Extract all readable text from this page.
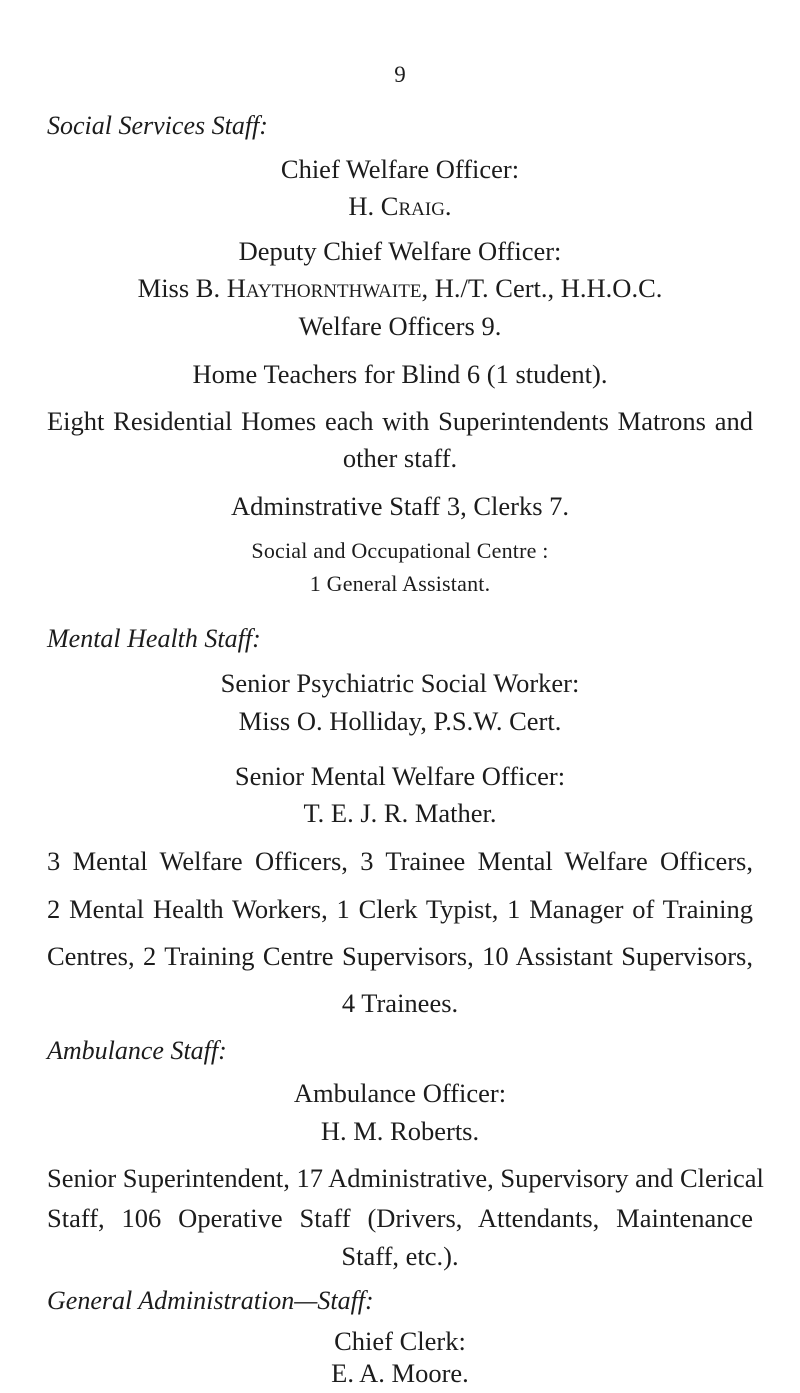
9
Social Services Staff:
Chief Welfare Officer:
H. Craig.
Deputy Chief Welfare Officer:
Miss B. Haythornthwaite, H./T. Cert., H.H.O.C.
Welfare Officers 9.
Home Teachers for Blind 6 (1 student).
Eight Residential Homes each with Superintendents Matrons and
other staff.
Adminstrative Staff 3, Clerks 7.
Social and Occupational Centre :
1 General Assistant.
Mental Health Staff:
Senior Psychiatric Social Worker:
Miss O. Holliday, P.S.W. Cert.
Senior Mental Welfare Officer:
T. E. J. R. Mather.
3 Mental Welfare Officers, 3 Trainee Mental Welfare Officers,
2 Mental Health Workers, 1 Clerk Typist, 1 Manager of Training
Centres, 2 Training Centre Supervisors, 10 Assistant Supervisors,
4 Trainees.
Ambulance Staff:
Ambulance Officer:
H. M. Roberts.
Senior Superintendent, 17 Administrative, Supervisory and Clerical
Staff, 106 Operative Staff (Drivers, Attendants, Maintenance
Staff, etc.).
General Administration—Staff:
Chief Clerk:
E. A. Moore.
